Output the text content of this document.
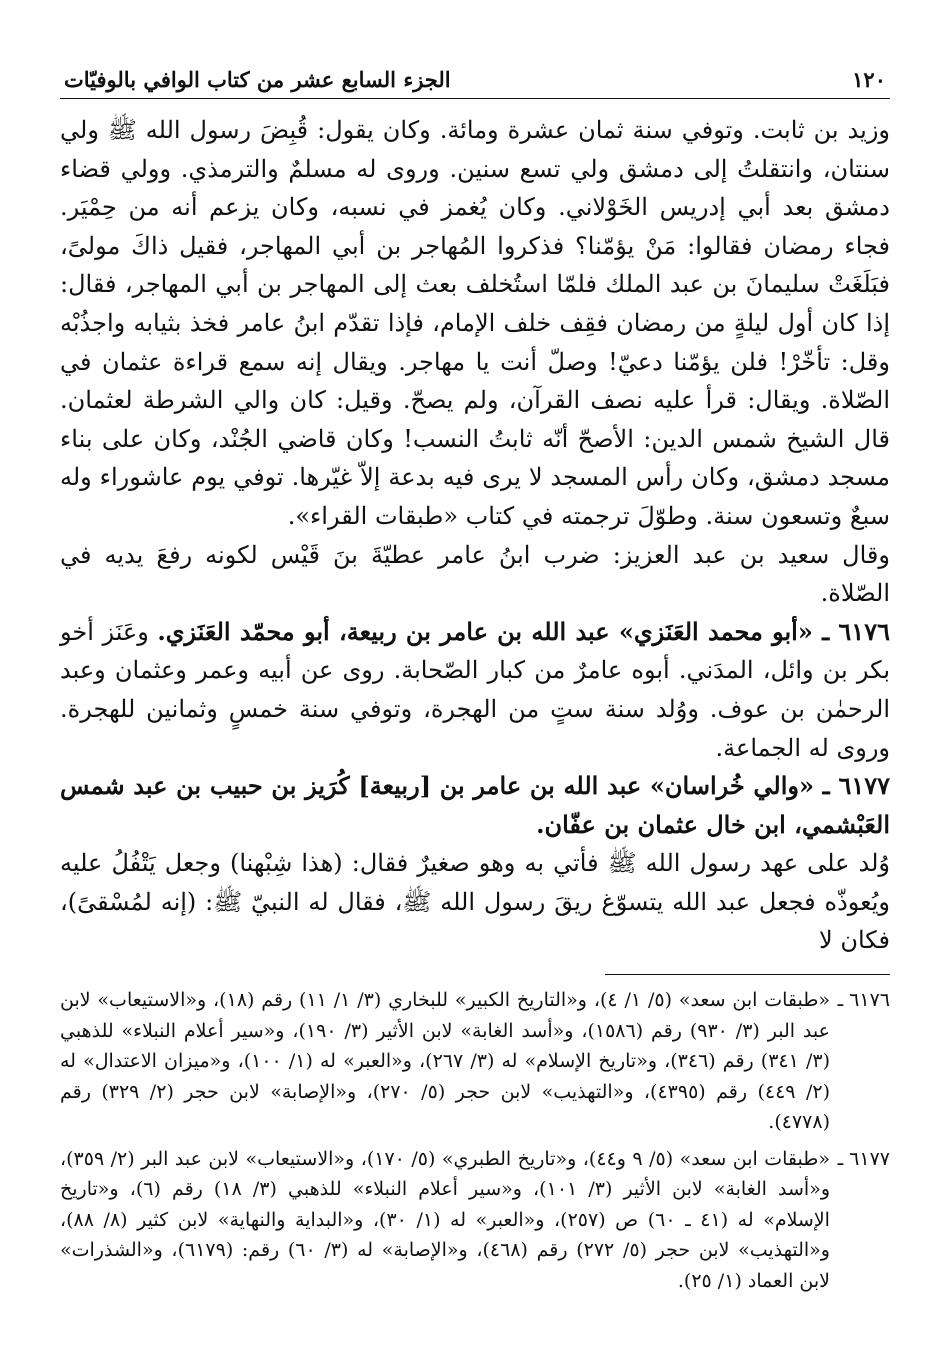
١٢٠
الجزء السابع عشر من كتاب الوافي بالوفيّات

وزيد بن ثابت. وتوفي سنة ثمان عشرة ومائة. وكان يقول: قُبِضَ رسول الله ﷺ ولي سنتان، وانتقلتُ إلى دمشق ولي تسع سنين. وروى له مسلمٌ والترمذي. وولي قضاء دمشق بعد أبي إدريس الخَوْلاني. وكان يُغمز في نسبه، وكان يزعم أنه من حِمْيَر. فجاء رمضان فقالوا: مَنْ يؤمّنا؟ فذكروا المُهاجر بن أبي المهاجر، فقيل ذاكَ مولىً، فبَلَغَتْ سليمانَ بن عبد الملك فلمّا استُخلف بعث إلى المهاجر بن أبي المهاجر، فقال: إذا كان أول ليلةٍ من رمضان فقِف خلف الإمام، فإذا تقدّم ابنُ عامر فخذ بثيابه واجذُبْه وقل: تأخّرْ! فلن يؤمّنا دعيّ! وصلّ أنت يا مهاجر. ويقال إنه سمع قراءة عثمان في الصّلاة. ويقال: قرأ عليه نصف القرآن، ولم يصحّ. وقيل: كان والي الشرطة لعثمان. قال الشيخ شمس الدين: الأصحّ أنّه ثابتُ النسب! وكان قاضي الجُنْد، وكان على بناء مسجد دمشق، وكان رأس المسجد لا يرى فيه بدعة إلاّ غيّرها. توفي يوم عاشوراء وله سبعٌ وتسعون سنة. وطوّلَ ترجمته في كتاب «طبقات القراء».

وقال سعيد بن عبد العزيز: ضرب ابنُ عامر عطيّةَ بنَ قَيْس لكونه رفعَ يديه في الصّلاة.

٦١٧٦ ـ «أبو محمد العَنَزي» عبد الله بن عامر بن ربيعة، أبو محمّد العَنَزي. وعَنَز أخو بكر بن وائل، المدَني. أبوه عامرٌ من كبار الصّحابة. روى عن أبيه وعمر وعثمان وعبد الرحمٰن بن عوف. ووُلد سنة ستٍ من الهجرة، وتوفي سنة خمسٍ وثمانين للهجرة. وروى له الجماعة.

٦١٧٧ ـ «والي خُراسان» عبد الله بن عامر بن [ربيعة] كُرَيز بن حبيب بن عبد شمس العَبْشمي، ابن خال عثمان بن عفّان.

وُلد على عهد رسول الله ﷺ فأتي به وهو صغيرٌ فقال: (هذا شِبْهنا) وجعل يَتْفُلُ عليه ويُعوذّه فجعل عبد الله يتسوّغ ريقَ رسول الله ﷺ، فقال له النبيّ ﷺ: (إنه لمُسْقىً)، فكان لا

٦١٧٦ ـ
«طبقات ابن سعد» (٥/ ١/ ٤)، و«التاريخ الكبير» للبخاري (٣/ ١/ ١١) رقم (١٨)، و«الاستيعاب» لابن عبد البر (٣/ ٩٣٠) رقم (١٥٨٦)، و«أسد الغابة» لابن الأثير (٣/ ١٩٠)، و«سير أعلام النبلاء» للذهبي (٣/ ٣٤١) رقم (٣٤٦)، و«تاريخ الإسلام» له (٣/ ٢٦٧)، و«العبر» له (١/ ١٠٠)، و«ميزان الاعتدال» له (٢/ ٤٤٩) رقم (٤٣٩٥)، و«التهذيب» لابن حجر (٥/ ٢٧٠)، و«الإصابة» لابن حجر (٢/ ٣٢٩) رقم (٤٧٧٨).
٦١٧٧ ـ
«طبقات ابن سعد» (٥/ ٩ و٤٤)، و«تاريخ الطبري» (٥/ ١٧٠)، و«الاستيعاب» لابن عبد البر (٢/ ٣٥٩)، و«أسد الغابة» لابن الأثير (٣/ ١٠١)، و«سير أعلام النبلاء» للذهبي (٣/ ١٨) رقم (٦)، و«تاريخ الإسلام» له (٤١ ـ ٦٠) ص (٢٥٧)، و«العبر» له (١/ ٣٠)، و«البداية والنهاية» لابن كثير (٨/ ٨٨)، و«التهذيب» لابن حجر (٥/ ٢٧٢) رقم (٤٦٨)، و«الإصابة» له (٣/ ٦٠) رقم: (٦١٧٩)، و«الشذرات» لابن العماد (١/ ٢٥).
